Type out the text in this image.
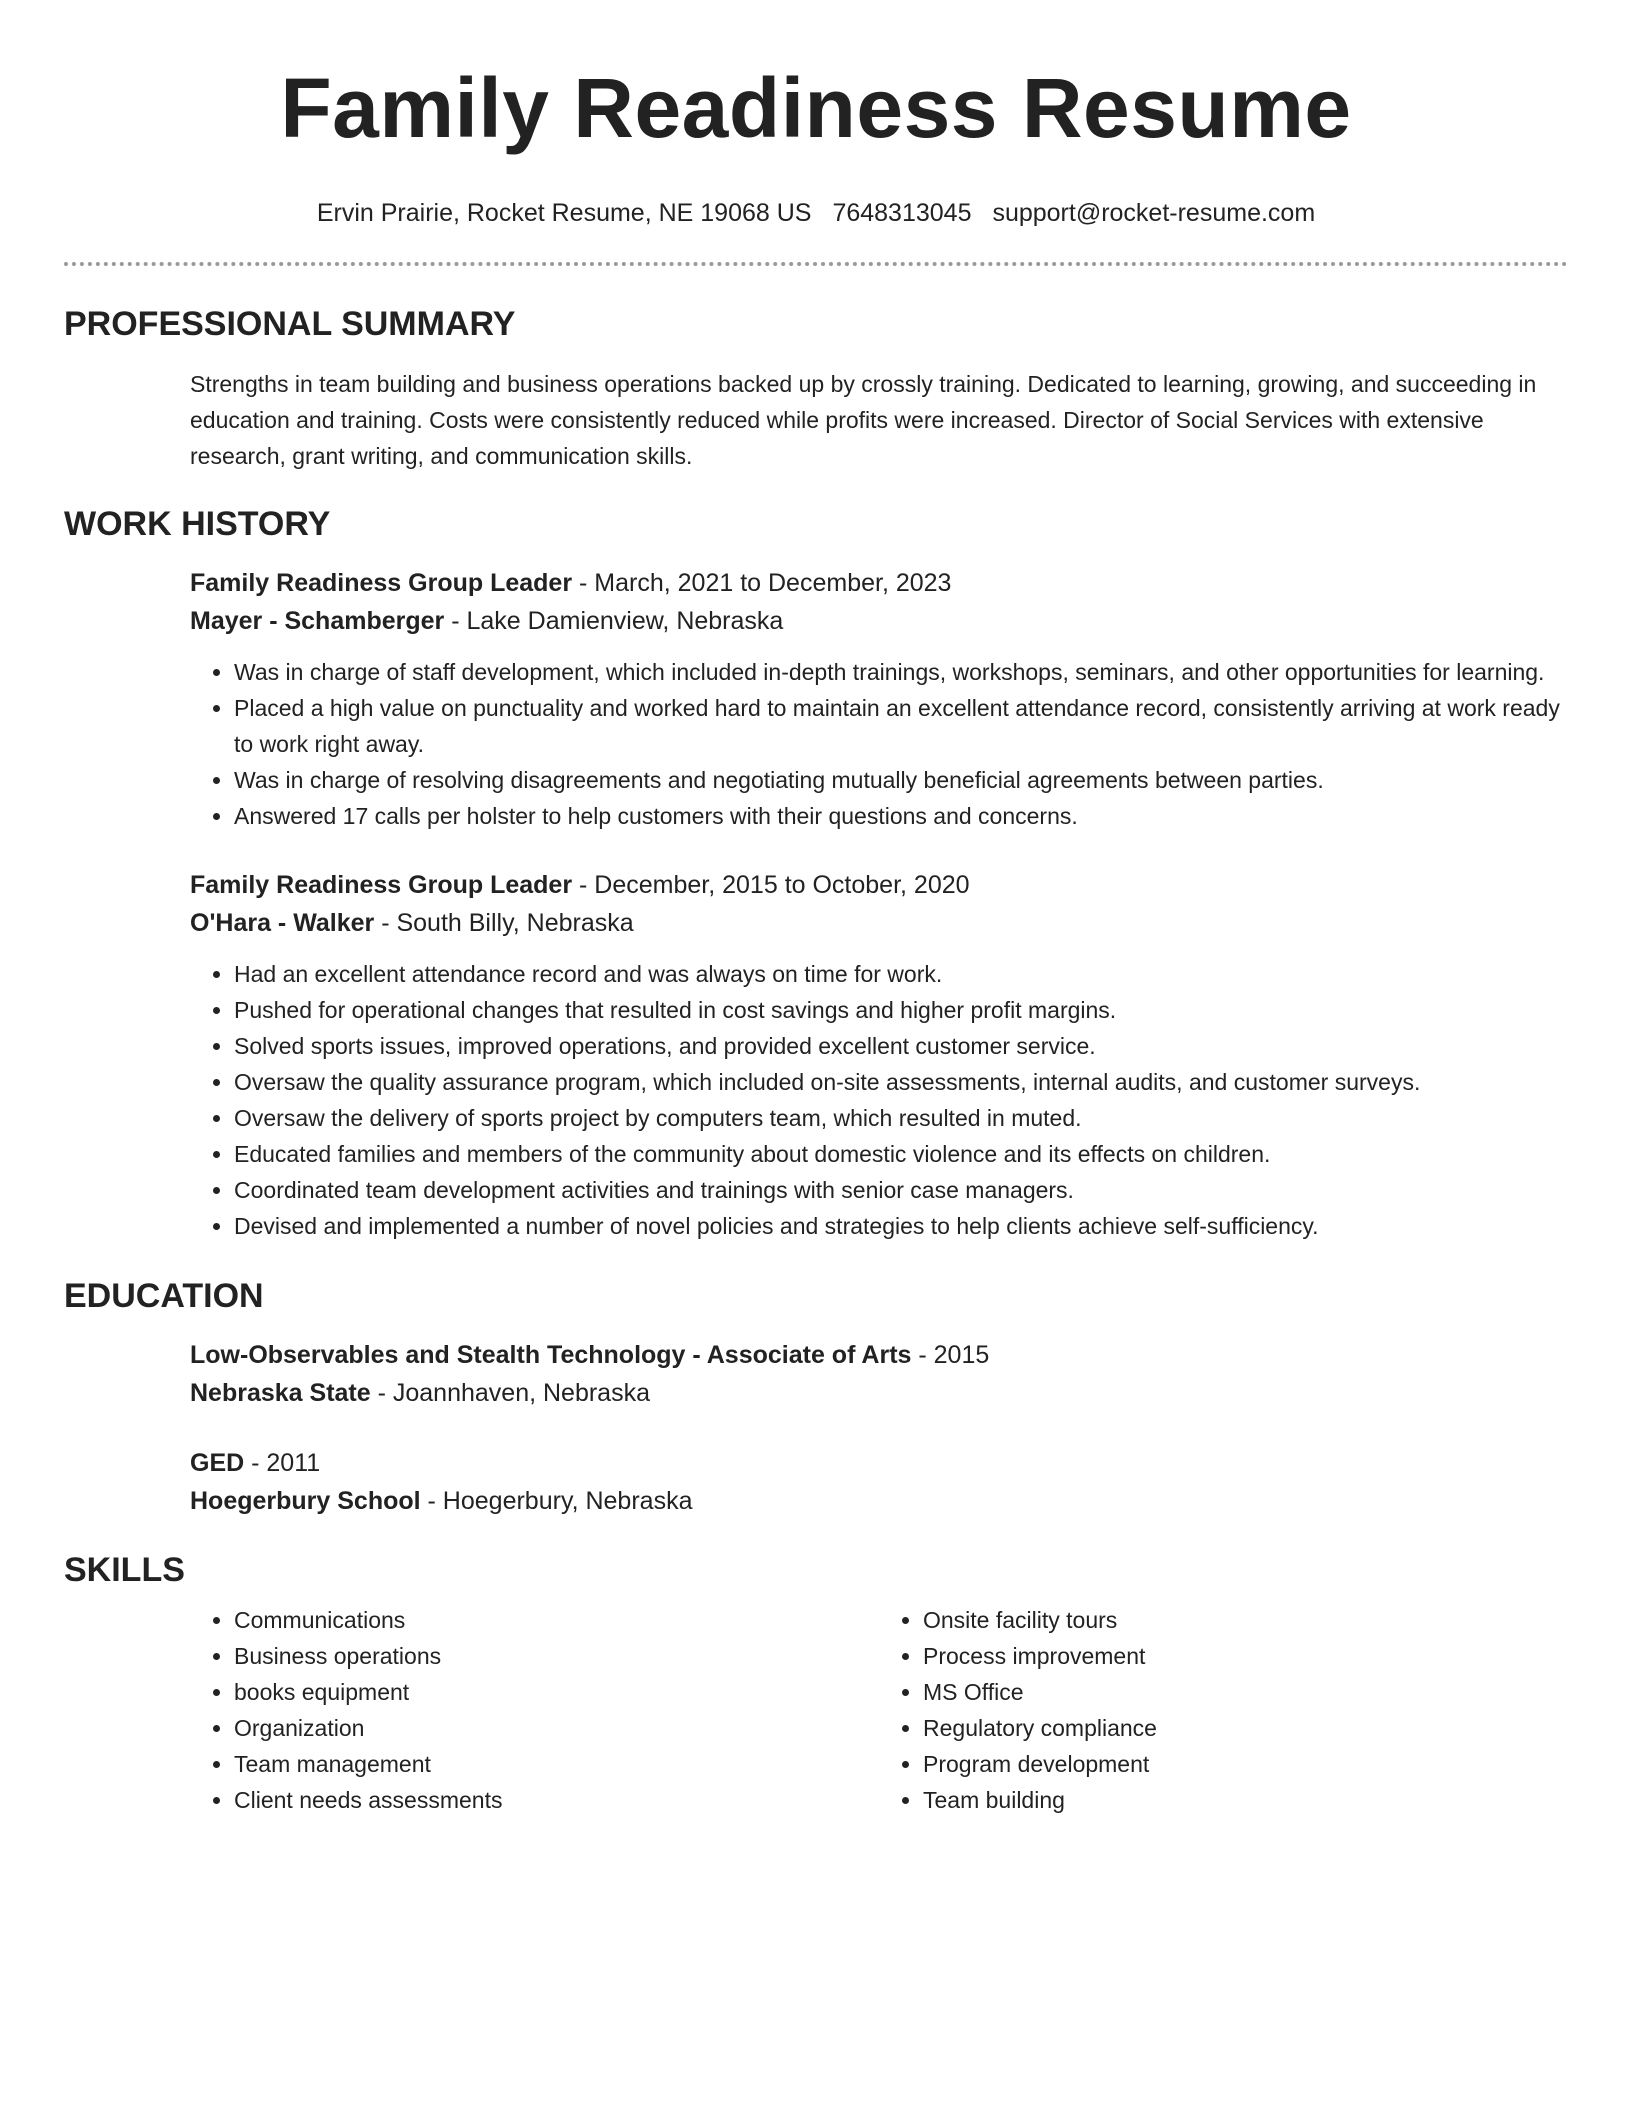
Family Readiness Resume
Ervin Prairie, Rocket Resume, NE 19068 US 7648313045 support@rocket-resume.com
PROFESSIONAL SUMMARY

Strengths in team building and business operations backed up by crossly training. Dedicated to learning, growing, and succeeding in education and training. Costs were consistently reduced while profits were increased. Director of Social Services with extensive research, grant writing, and communication skills.

WORK HISTORY

Family Readiness Group Leader - March, 2021 to December, 2023

Mayer - Schamberger - Lake Damienview, Nebraska

• Was in charge of staff development, which included in-depth trainings, workshops, seminars, and other opportunities for learning.
• Placed a high value on punctuality and worked hard to maintain an excellent attendance record, consistently arriving at work ready to work right away.
• Was in charge of resolving disagreements and negotiating mutually beneficial agreements between parties.
• Answered 17 calls per holster to help customers with their questions and concerns.

Family Readiness Group Leader - December, 2015 to October, 2020

O'Hara - Walker - South Billy, Nebraska

• Had an excellent attendance record and was always on time for work.
• Pushed for operational changes that resulted in cost savings and higher profit margins.
• Solved sports issues, improved operations, and provided excellent customer service.
• Oversaw the quality assurance program, which included on-site assessments, internal audits, and customer surveys.
• Oversaw the delivery of sports project by computers team, which resulted in muted.
• Educated families and members of the community about domestic violence and its effects on children.
• Coordinated team development activities and trainings with senior case managers.
• Devised and implemented a number of novel policies and strategies to help clients achieve self-sufficiency.
EDUCATION

Low-Observables and Stealth Technology - Associate of Arts - 2015

Nebraska State - Joannhaven, Nebraska

GED - 2011

Hoegerbury School - Hoegerbury, Nebraska

SKILLS
• Communications
• Business operations
• books equipment
• Organization
• Team management
• Client needs assessments
• Onsite facility tours
• Process improvement
• MS Office
• Regulatory compliance
• Program development
• Team building
